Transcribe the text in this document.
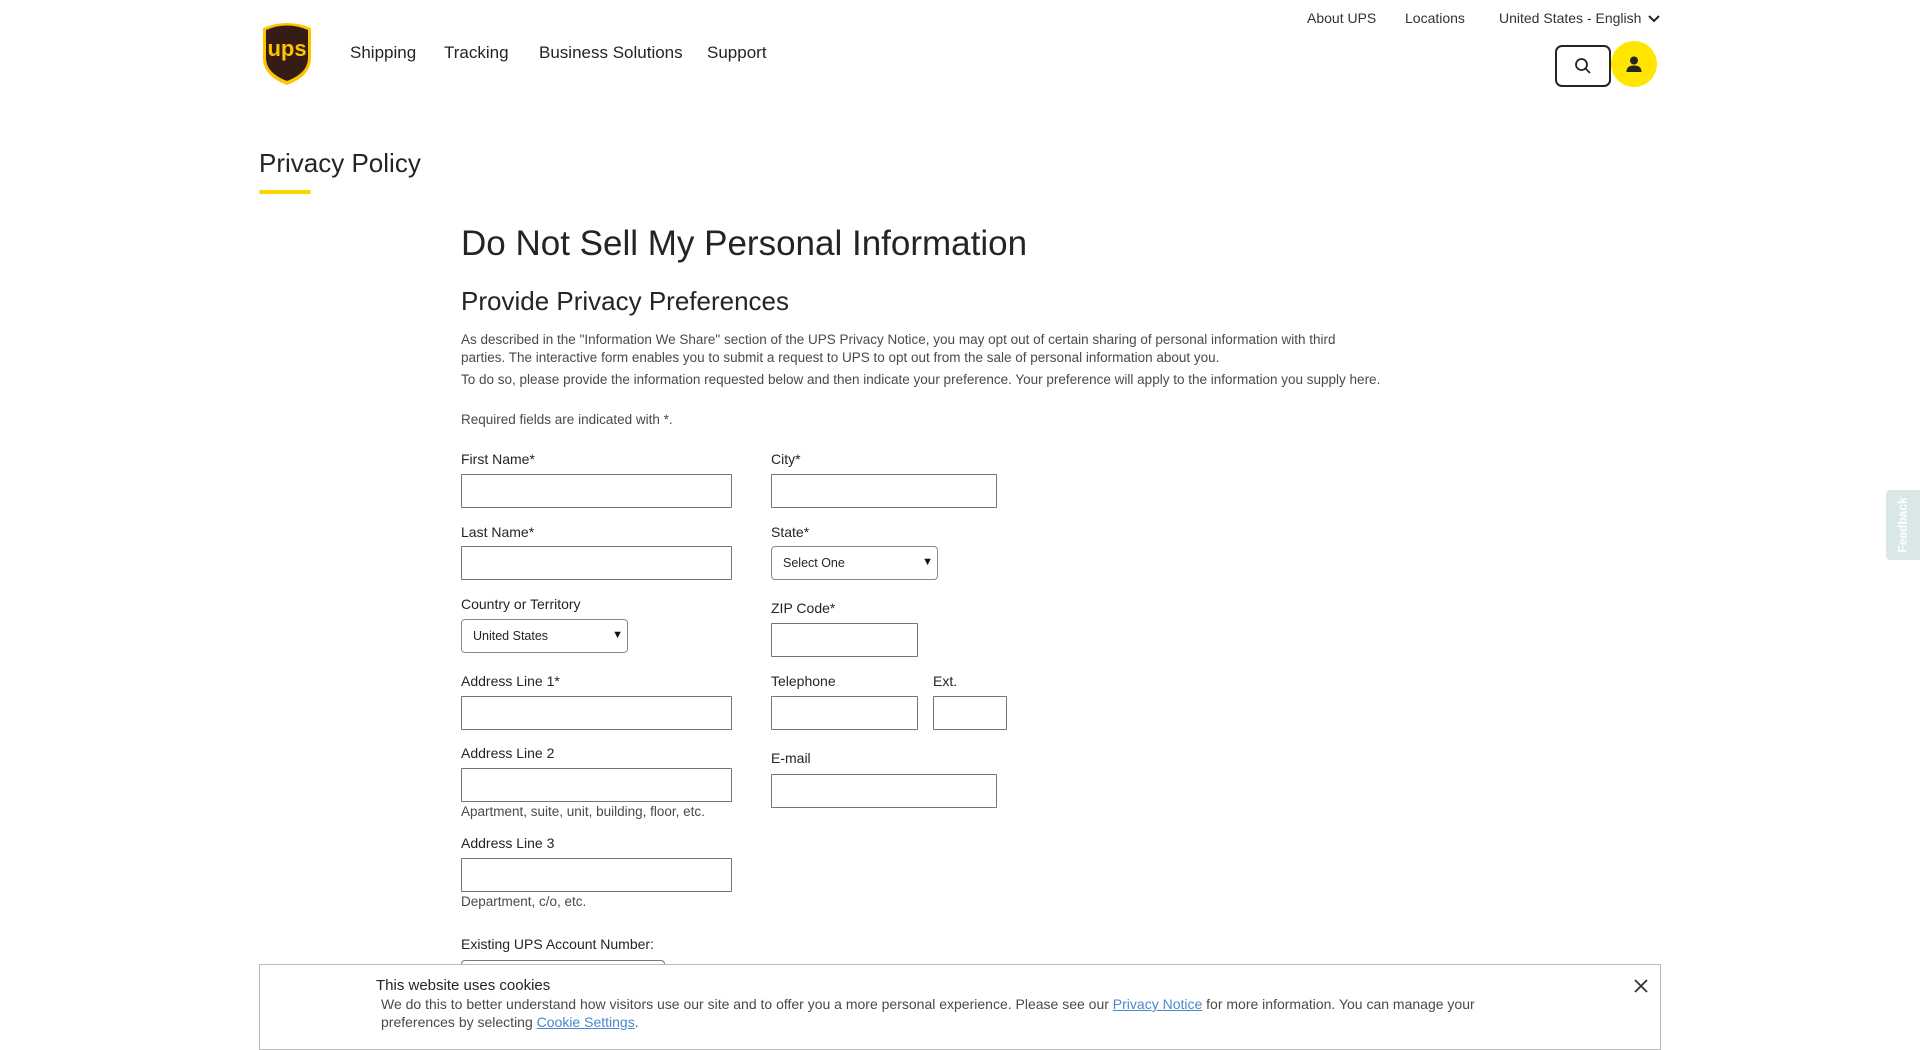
ups	Shipping Tracking Business Solutions Support
About UPS Locations United States - English
Privacy Policy
Do Not Sell My Personal Information
Provide Privacy Preferences
As described in the "Information We Share" section of the UPS Privacy Notice, you may opt out of certain sharing of personal information with third parties. The interactive form enables you to submit a request to UPS to opt out from the sale of personal information about you.
To do so, please provide the information requested below and then indicate your preference. Your preference will apply to the information you supply here.
Required fields are indicated with *.
First Name*
Last Name*
Country or Territory
United States	▼
Address Line 1*
Address Line 2
Apartment, suite, unit, building, floor, etc.
Address Line 3
Department, c/o, etc.
Existing UPS Account Number:
City*
State*
Select One	▼
ZIP Code*
Telephone	Ext.
E-mail
Feedback
This website uses cookies
We do this to better understand how visitors use our site and to offer you a more personal experience. Please see our Privacy Notice for more information. You can manage your preferences by selecting Cookie Settings.
